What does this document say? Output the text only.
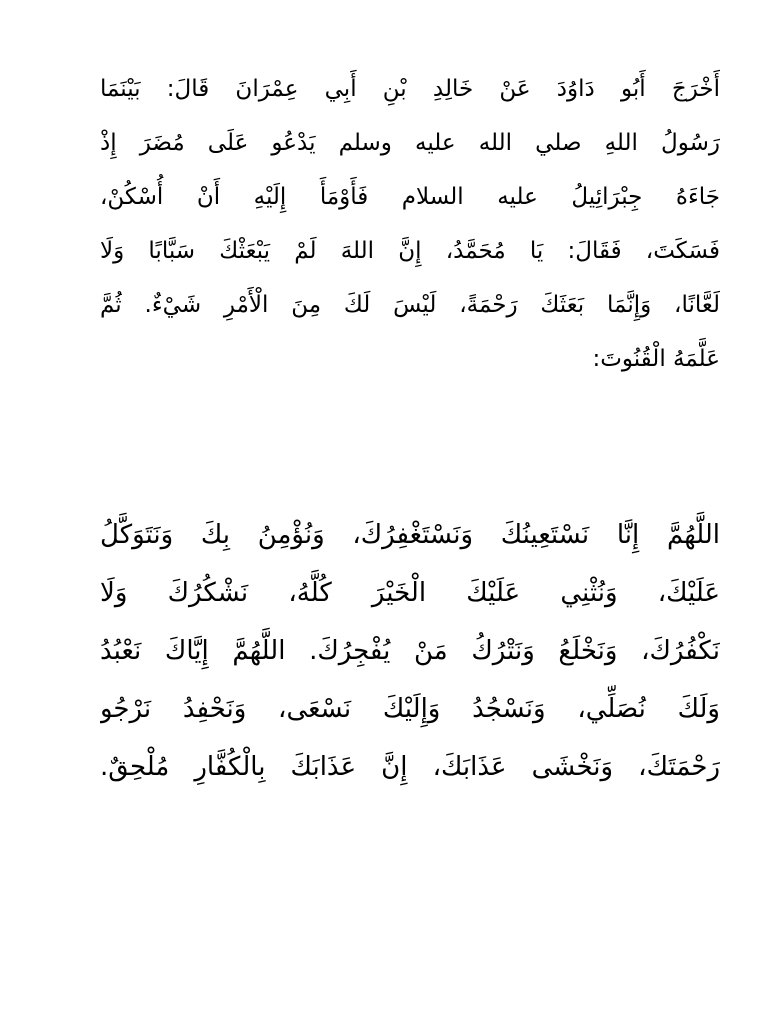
أَخْرَجَ أَبُو دَاوُدَ عَنْ خَالِدِ بْنِ أَبِي عِمْرَانَ قَالَ: بَيْنَمَا
رَسُولُ اللهِ صلي الله عليه وسلم يَدْعُو عَلَى مُضَرَ إِذْ
جَاءَهُ جِبْرَائِيلُ عليه السلام فَأَوْمَأَ إِلَيْهِ أَنْ أُسْكُنْ،
فَسَكَتَ، فَقَالَ: يَا مُحَمَّدُ، إِنَّ اللهَ لَمْ يَبْعَثْكَ سَبَّابًا وَلَا
لَعَّانًا، وَإِنَّمَا بَعَثَكَ رَحْمَةً، لَيْسَ لَكَ مِنَ الْأَمْرِ شَيْءٌ. ثُمَّ
عَلَّمَهُ الْقُنُوتَ:
اللَّهُمَّ إِنَّا نَسْتَعِينُكَ وَنَسْتَغْفِرُكَ، وَنُؤْمِنُ بِكَ وَنَتَوَكَّلُ
عَلَيْكَ، وَنُثْنِي عَلَيْكَ الْخَيْرَ كُلَّهُ، نَشْكُرُكَ وَلَا
نَكْفُرُكَ، وَنَخْلَعُ وَنَتْرُكُ مَنْ يُفْجِرُكَ. اللَّهُمَّ إِيَّاكَ نَعْبُدُ
وَلَكَ نُصَلِّي، وَنَسْجُدُ وَإِلَيْكَ نَسْعَى، وَنَحْفِدُ نَرْجُو
رَحْمَتَكَ، وَنَخْشَى عَذَابَكَ، إِنَّ عَذَابَكَ بِالْكُفَّارِ مُلْحِقٌ.
